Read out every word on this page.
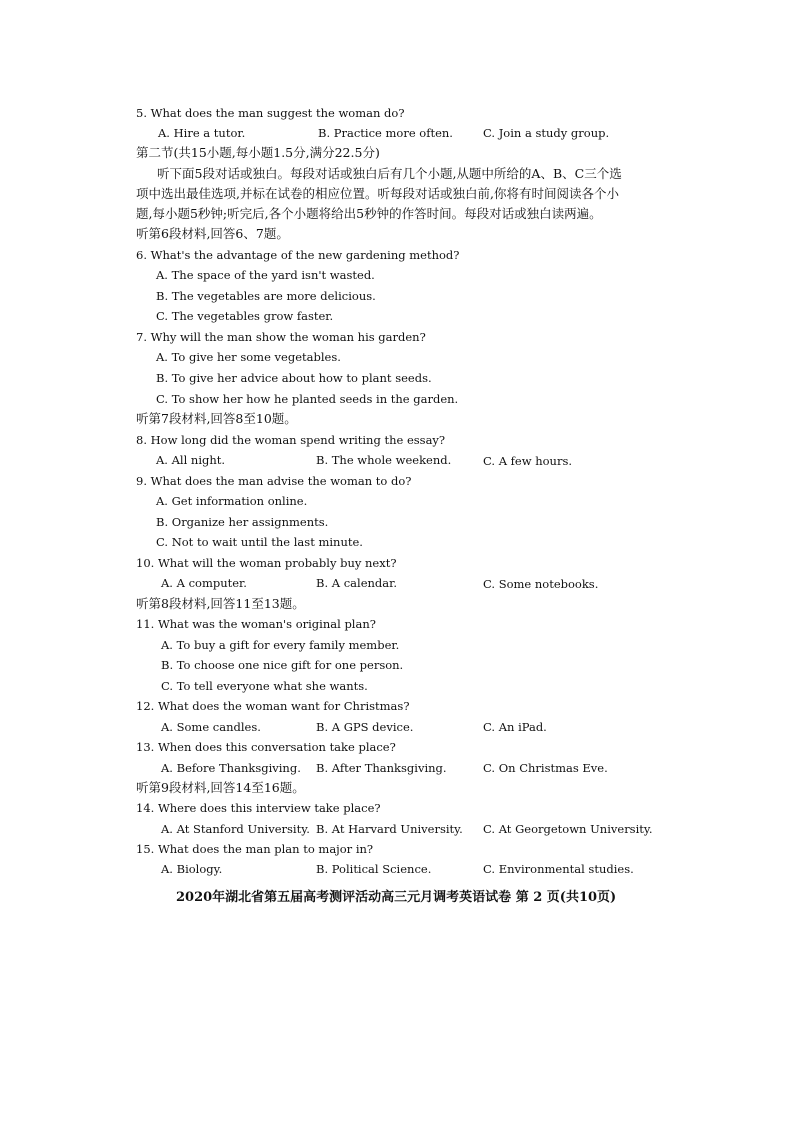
5. What does the man suggest the woman do?
A. Hire a tutor.	B. Practice more often.	C. Join a study group.
第二节(共15小题,每小题1.5分,满分22.5分)
听下面5段对话或独白。每段对话或独白后有几个小题,从题中所给的A、B、C三个选
项中选出最佳选项,并标在试卷的相应位置。听每段对话或独白前,你将有时间阅读各个小
题,每小题5秒钟;听完后,各个小题将给出5秒钟的作答时间。每段对话或独白读两遍。
听第6段材料,回答6、7题。
6. What's the advantage of the new gardening method?
A. The space of the yard isn't wasted.
B. The vegetables are more delicious.
C. The vegetables grow faster.
7. Why will the man show the woman his garden?
A. To give her some vegetables.
B. To give her advice about how to plant seeds.
C. To show her how he planted seeds in the garden.
听第7段材料,回答8至10题。
8. How long did the woman spend writing the essay?
A. All night.	B. The whole weekend.	C. A few hours.
9. What does the man advise the woman to do?
A. Get information online.
B. Organize her assignments.
C. Not to wait until the last minute.
10. What will the woman probably buy next?
A. A computer.	B. A calendar.	C. Some notebooks.
听第8段材料,回答11至13题。
11. What was the woman's original plan?
A. To buy a gift for every family member.
B. To choose one nice gift for one person.
C. To tell everyone what she wants.
12. What does the woman want for Christmas?
A. Some candles.	B. A GPS device.	C. An iPad.
13. When does this conversation take place?
A. Before Thanksgiving. B. After Thanksgiving.	C. On Christmas Eve.
听第9段材料,回答14至16题。
14. Where does this interview take place?
A. At Stanford University. B. At Harvard University. C. At Georgetown University.
15. What does the man plan to major in?
A. Biology.	B. Political Science.	C. Environmental studies.
2020年湖北省第五届高考测评活动高三元月调考英语试卷 第 2 页(共10页)
